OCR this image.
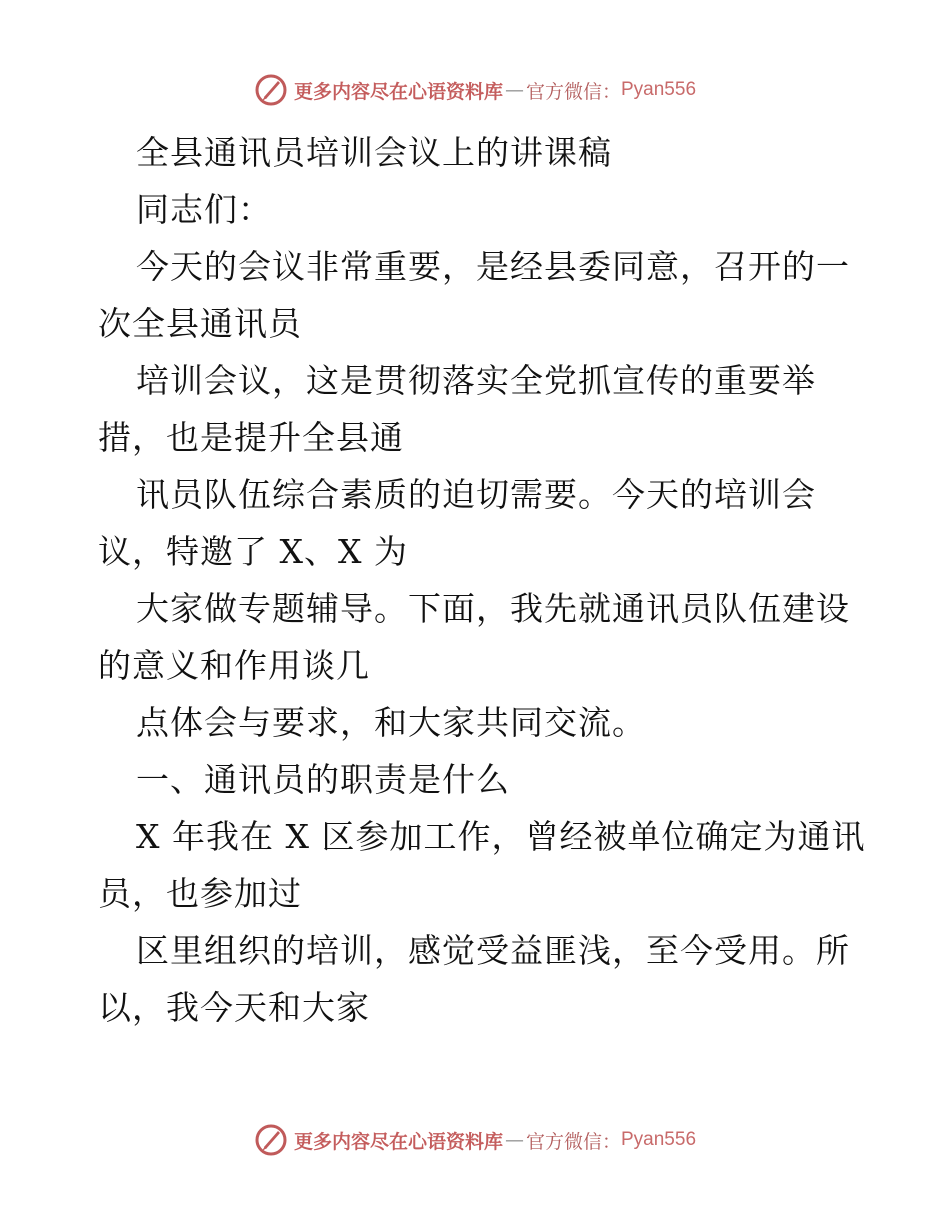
更多内容尽在心语资料库 — 官方微信： Pyan556
全县通讯员培训会议上的讲课稿
同志们：
今天的会议非常重要，是经县委同意，召开的一
次全县通讯员
培训会议，这是贯彻落实全党抓宣传的重要举
措，也是提升全县通
讯员队伍综合素质的迫切需要。今天的培训会
议，特邀了 X、X 为
大家做专题辅导。下面，我先就通讯员队伍建设
的意义和作用谈几
点体会与要求，和大家共同交流。
一、通讯员的职责是什么
X 年我在 X 区参加工作，曾经被单位确定为通讯
员，也参加过
区里组织的培训，感觉受益匪浅，至今受用。所
以，我今天和大家
更多内容尽在心语资料库 — 官方微信： Pyan556
